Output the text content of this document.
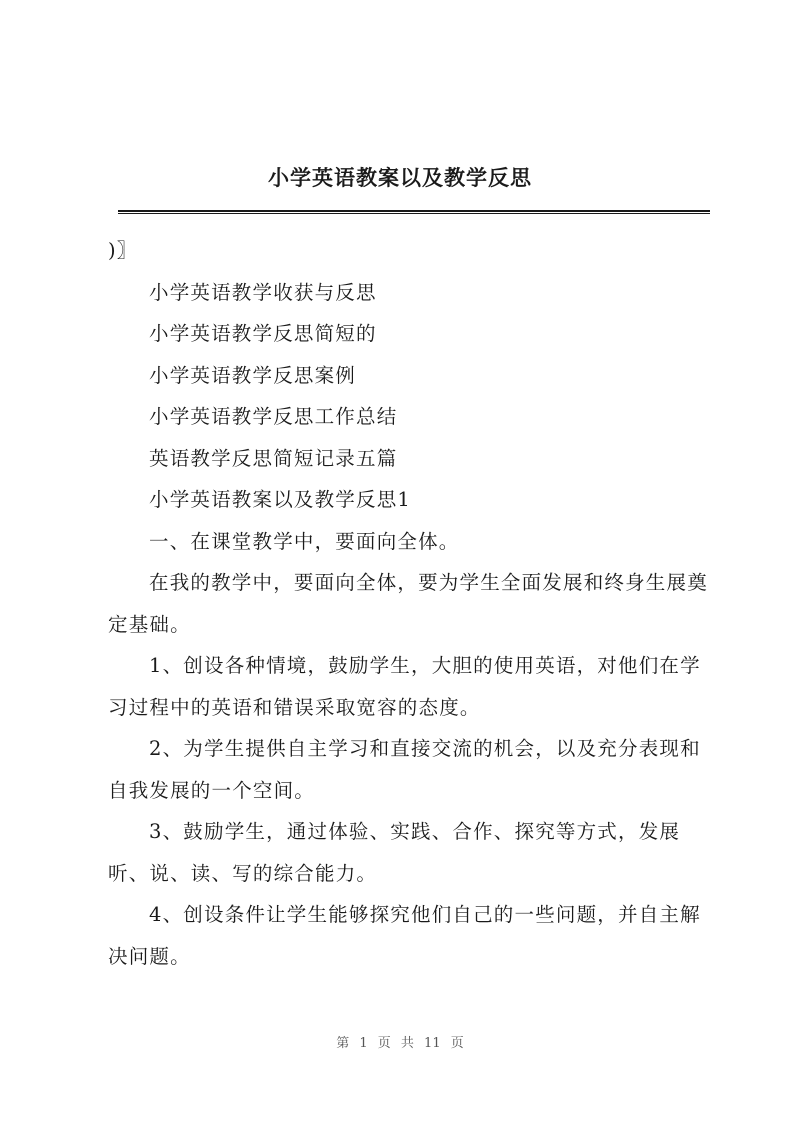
小学英语教案以及教学反思

)〗

小学英语教学收获与反思

小学英语教学反思简短的

小学英语教学反思案例

小学英语教学反思工作总结

英语教学反思简短记录五篇

小学英语教案以及教学反思1

一、在课堂教学中，要面向全体。

在我的教学中，要面向全体，要为学生全面发展和终身生展奠定基础。

1、创设各种情境，鼓励学生，大胆的使用英语，对他们在学习过程中的英语和错误采取宽容的态度。

2、为学生提供自主学习和直接交流的机会，以及充分表现和自我发展的一个空间。

3、鼓励学生，通过体验、实践、合作、探究等方式，发展听、说、读、写的综合能力。

4、创设条件让学生能够探究他们自己的一些问题，并自主解决问题。

第 1 页 共 11 页
